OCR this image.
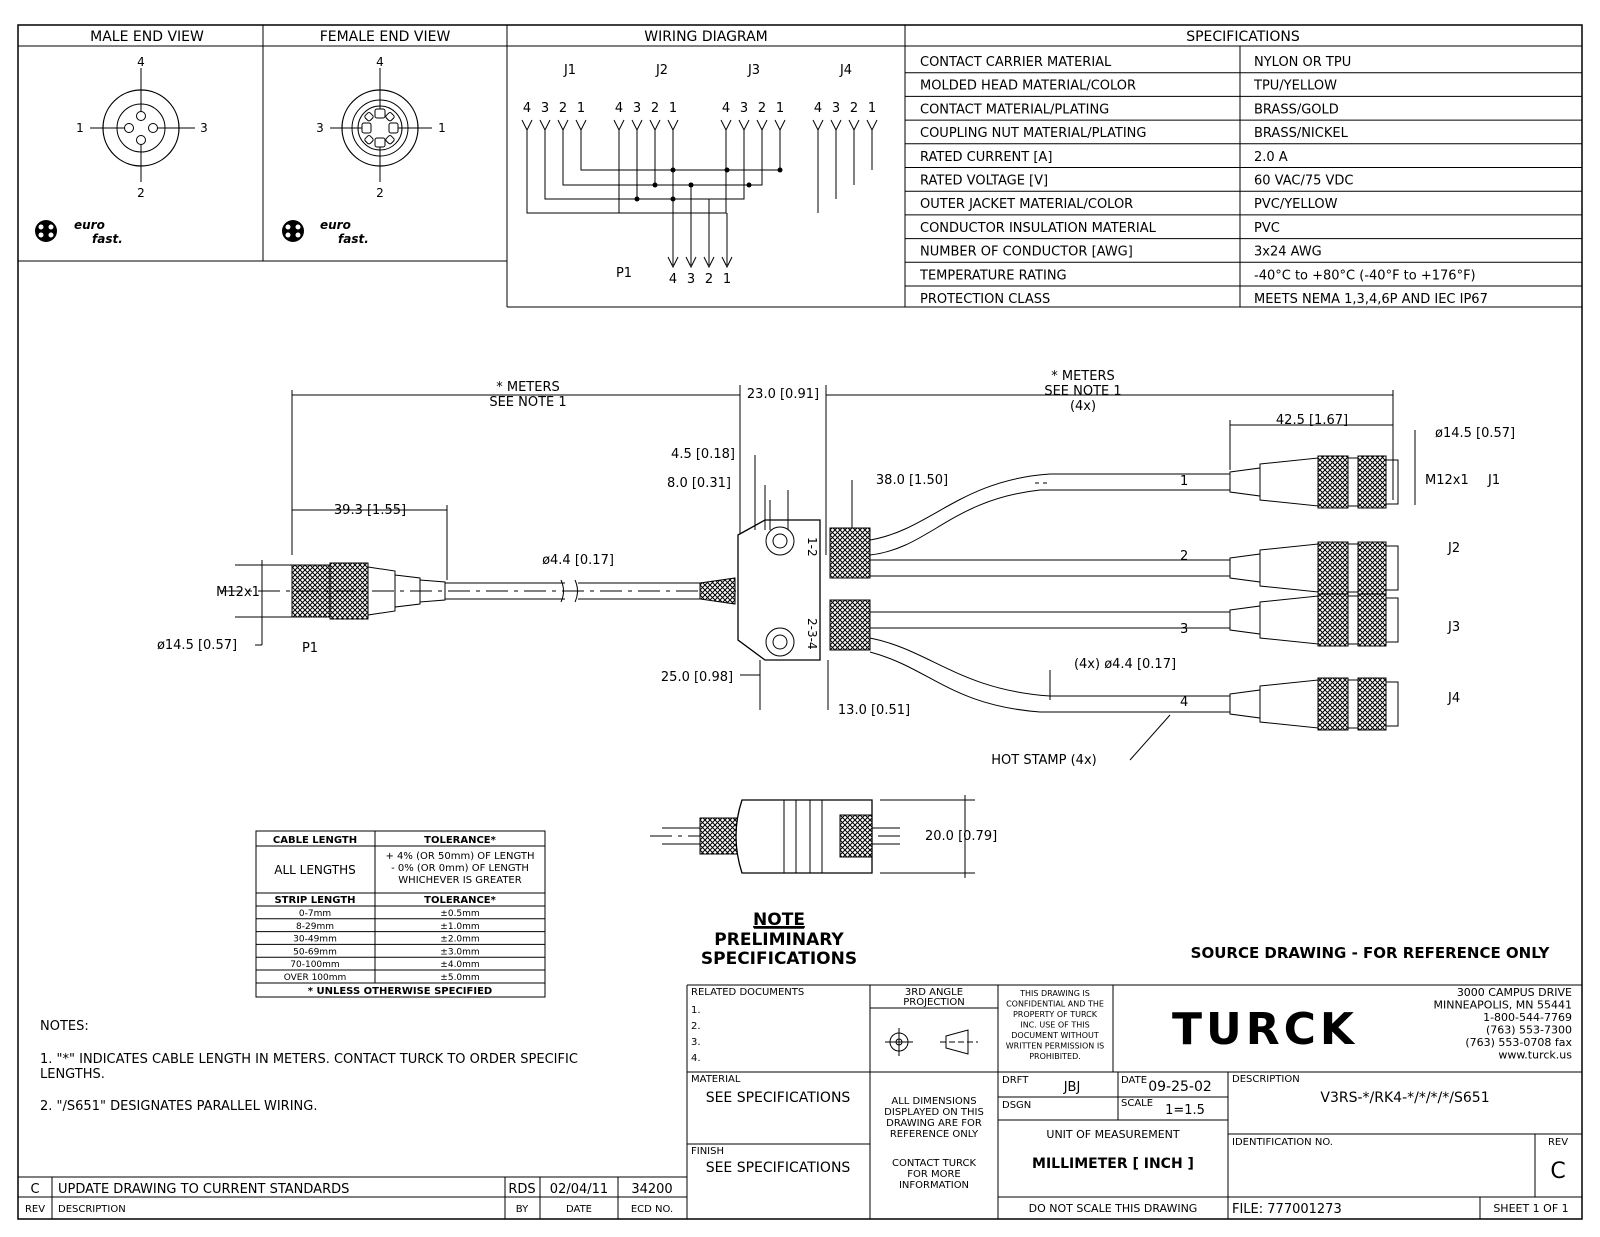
MALE END VIEW	FEMALE END VIEW	WIRING DIAGRAM	SPECIFICATIONS
4
1	3
2
euro
fast.
4
3	1
2
euro
fast.
J1	J2	J3	J4
P1
4 3 2 1 4 3 2 1	4 3 2 1 4 3 2 1
4 3 2 1
CONTACT CARRIER MATERIAL	NYLON OR TPU
MOLDED HEAD MATERIAL/COLOR	TPU/YELLOW
CONTACT MATERIAL/PLATING	BRASS/GOLD
COUPLING NUT MATERIAL/PLATING	BRASS/NICKEL
RATED CURRENT [A]	2.0 A
RATED VOLTAGE [V]	60 VAC/75 VDC
OUTER JACKET MATERIAL/COLOR	PVC/YELLOW
CONDUCTOR INSULATION MATERIAL	PVC
NUMBER OF CONDUCTOR [AWG]	3x24 AWG
TEMPERATURE RATING	-40°C to +80°C (-40°F to +176°F)
PROTECTION CLASS	MEETS NEMA 1,3,4,6P AND IEC IP67
* METERS
SEE NOTE 1
23.0 [0.91]
* METERS
SEE NOTE 1
(4x)
42.5 [1.67]
ø14.5 [0.57]
M12x1
4.5 [0.18]
8.0 [0.31]	38.0 [1.50]
39.3 [1.55]
ø4.4 [0.17]
M12x1
ø14.5 [0.57]	P1
25.0 [0.98]
13.0 [0.51]
(4x) ø4.4 [0.17]
HOT STAMP (4x)
J1
J2
J3
J4
1
2
3
4
1-2
2-3-4
20.0 [0.79]
CABLE LENGTH	TOLERANCE*
ALL LENGTHS
+ 4% (OR 50mm) OF LENGTH
- 0% (OR 0mm) OF LENGTH
WHICHEVER IS GREATER
STRIP LENGTH	TOLERANCE*
0-7mm	±0.5mm
8-29mm	±1.0mm
30-49mm	±2.0mm
50-69mm	±3.0mm
70-100mm	±4.0mm
OVER 100mm	±5.0mm
* UNLESS OTHERWISE SPECIFIED
NOTES:
1. "*" INDICATES CABLE LENGTH IN METERS. CONTACT TURCK TO ORDER SPECIFIC
LENGTHS.
2. "/S651" DESIGNATES PARALLEL WIRING.
NOTE
PRELIMINARY
SPECIFICATIONS	SOURCE DRAWING - FOR REFERENCE ONLY
C UPDATE DRAWING TO CURRENT STANDARDS	RDS 02/04/11 34200
REV DESCRIPTION	BY	DATE	ECD NO.
RELATED DOCUMENTS
1.
2.
3.
4.
3RD ANGLE
PROJECTION
THIS DRAWING IS
CONFIDENTIAL AND THE
PROPERTY OF TURCK
INC. USE OF THIS
DOCUMENT WITHOUT
WRITTEN PERMISSION IS
PROHIBITED.
TURCK
3000 CAMPUS DRIVE
MINNEAPOLIS, MN 55441
1-800-544-7769
(763) 553-7300
(763) 553-0708 fax
www.turck.us
MATERIAL
SEE SPECIFICATIONS	ALL DIMENSIONS
DISPLAYED ON THIS
DRAWING ARE FOR
REFERENCE ONLY
DRFT	JBJ	DATE 09-25-02 DESCRIPTION
V3RS-*/RK4-*/*/*/*/S651
DSGN	SCALE 1=1.5
UNIT OF MEASUREMENT
MILLIMETER [ INCH ]
IDENTIFICATION NO.	REV
C
FINISH
SEE SPECIFICATIONS	CONTACT TURCK
FOR MORE
INFORMATION
DO NOT SCALE THIS DRAWING	FILE: 777001273	SHEET 1 OF 1
